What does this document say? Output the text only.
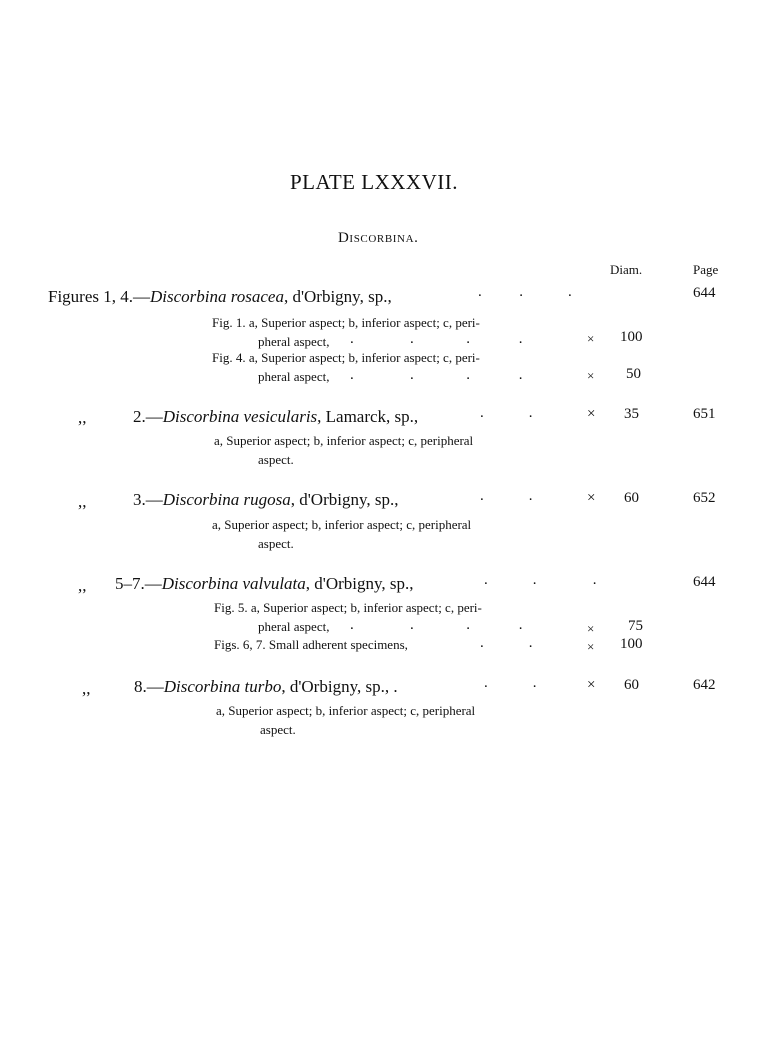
PLATE LXXXVII.
Discorbina.
Diam.	Page
Figures 1, 4.—Discorbina rosacea, d'Orbigny, sp.,	.          .            .	644
Fig. 1. a, Superior aspect; b, inferior aspect; c, peri-
pheral aspect, .               .              .             .	× 100
Fig. 4. a, Superior aspect; b, inferior aspect; c, peri-
pheral aspect, .               .              .             .	× 50
,,	2.—Discorbina vesicularis, Lamarck, sp.,	.            .	× 35	651
a, Superior aspect; b, inferior aspect; c, peripheral
aspect.
,,	3.—Discorbina rugosa, d'Orbigny, sp.,	.            .	× 60	652
a, Superior aspect; b, inferior aspect; c, peripheral
aspect.
,, 5–7.—Discorbina valvulata, d'Orbigny, sp.,	.            .               .	644
Fig. 5. a, Superior aspect; b, inferior aspect; c, peri-
pheral aspect, .               .              .             .	× 75
Figs. 6, 7. Small adherent specimens,	.            .	× 100
,,	8.—Discorbina turbo, d'Orbigny, sp., .	.            .	× 60	642
a, Superior aspect; b, inferior aspect; c, peripheral
aspect.
